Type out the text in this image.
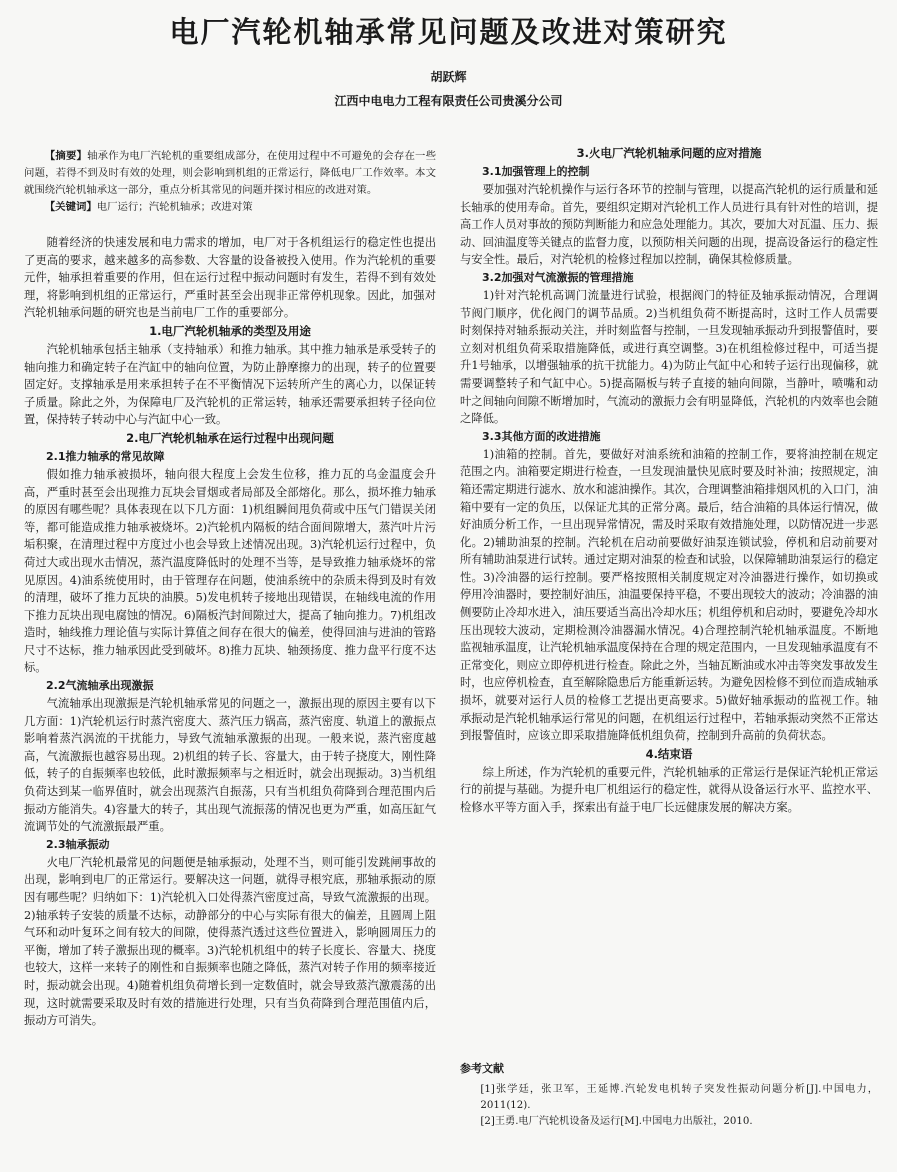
电厂汽轮机轴承常见问题及改进对策研究
胡跃辉
江西中电电力工程有限责任公司贵溪分公司

【摘要】轴承作为电厂汽轮机的重要组成部分，在使用过程中不可避免的会存在一些问题，若得不到及时有效的处理，则会影响到机组的正常运行，降低电厂工作效率。本文就围绕汽轮机轴承这一部分，重点分析其常见的问题并探讨相应的改进对策。

【关键词】电厂运行；汽轮机轴承；改进对策

随着经济的快速发展和电力需求的增加，电厂对于各机组运行的稳定性也提出了更高的要求，越来越多的高参数、大容量的设备被投入使用。作为汽轮机的重要元件，轴承担着重要的作用，但在运行过程中振动问题时有发生，若得不到有效处理，将影响到机组的正常运行，严重时甚至会出现非正常停机现象。因此，加强对汽轮机轴承问题的研究也是当前电厂工作的重要部分。

1.电厂汽轮机轴承的类型及用途

汽轮机轴承包括主轴承（支持轴承）和推力轴承。其中推力轴承是承受转子的轴向推力和确定转子在汽缸中的轴向位置，为防止静摩擦力的出现，转子的位置要固定好。支撑轴承是用来承担转子在不平衡情况下运转所产生的离心力，以保证转子质量。除此之外，为保障电厂及汽轮机的正常运转，轴承还需要承担转子径向位置，保持转子转动中心与汽缸中心一致。

2.电厂汽轮机轴承在运行过程中出现问题
2.1推力轴承的常见故障

假如推力轴承被损坏，轴向很大程度上会发生位移，推力瓦的乌金温度会升高，严重时甚至会出现推力瓦块会冒烟或者局部及全部熔化。那么，损坏推力轴承的原因有哪些呢？具体表现在以下几方面：1)机组瞬间甩负荷或中压气门错误关闭等，都可能造成推力轴承被烧坏。2)汽轮机内隔板的结合面间隙增大，蒸汽叶片污垢积聚，在清理过程中方度过小也会导致上述情况出现。3)汽轮机运行过程中，负荷过大或出现水击情况，蒸汽温度降低时的处理不当等，是导致推力轴承烧坏的常见原因。4)油系统使用时，由于管理存在问题，使油系统中的杂质未得到及时有效的清理，破坏了推力瓦块的油膜。5)发电机转子接地出现错误，在轴线电流的作用下推力瓦块出现电腐蚀的情况。6)隔板汽封间隙过大，提高了轴向推力。7)机组改造时，轴线推力理论值与实际计算值之间存在很大的偏差，使得回油与进油的管路尺寸不达标，推力轴承因此受到破坏。8)推力瓦块、轴颈扬度、推力盘平行度不达标。

2.2气流轴承出现激振

气流轴承出现激振是汽轮机轴承常见的问题之一，激振出现的原因主要有以下几方面：1)汽轮机运行时蒸汽密度大、蒸汽压力锅高，蒸汽密度、轨道上的激振点影响着蒸汽涡流的干扰能力，导致气流轴承激振的出现。一般来说，蒸汽密度越高，气流激振也越容易出现。2)机组的转子长、容量大，由于转子挠度大，刚性降低，转子的自振频率也较低，此时激振频率与之相近时，就会出现振动。3)当机组负荷达到某一临界值时，就会出现蒸汽自振荡，只有当机组负荷降到合理范围内后振动方能消失。4)容量大的转子，其出现气流振荡的情况也更为严重，如高压缸气流调节处的气流激振最严重。

2.3轴承振动

火电厂汽轮机最常见的问题便是轴承振动，处理不当，则可能引发跳闸事故的出现，影响到电厂的正常运行。要解决这一问题，就得寻根究底，那轴承振动的原因有哪些呢？归纳如下：1)汽轮机入口处得蒸汽密度过高，导致气流激振的出现。2)轴承转子安装的质量不达标，动静部分的中心与实际有很大的偏差，且圆周上阻气环和动叶复环之间有较大的间隙，使得蒸汽透过这些位置进入，影响圆周压力的平衡，增加了转子激振出现的概率。3)汽轮机机组中的转子长度长、容量大、挠度也较大，这样一来转子的刚性和自振频率也随之降低，蒸汽对转子作用的频率接近时，振动就会出现。4)随着机组负荷增长到一定数值时，就会导致蒸汽激震荡的出现，这时就需要采取及时有效的措施进行处理，只有当负荷降到合理范围值内后，振动方可消失。

3.火电厂汽轮机轴承问题的应对措施
3.1加强管理上的控制

要加强对汽轮机操作与运行各环节的控制与管理，以提高汽轮机的运行质量和延长轴承的使用寿命。首先，要组织定期对汽轮机工作人员进行具有针对性的培训，提高工作人员对事故的预防判断能力和应急处理能力。其次，要加大对瓦温、压力、振动、回油温度等关键点的监督力度，以预防相关问题的出现，提高设备运行的稳定性与安全性。最后，对汽轮机的检修过程加以控制，确保其检修质量。

3.2加强对气流激振的管理措施

1)针对汽轮机高调门流量进行试验，根据阀门的特征及轴承振动情况，合理调节阀门顺序，优化阀门的调节品质。2)当机组负荷不断提高时，这时工作人员需要时刻保持对轴系振动关注，并时刻监督与控制，一旦发现轴承振动升到报警值时，要立刻对机组负荷采取措施降低，或进行真空调整。3)在机组检修过程中，可适当提升1号轴承，以增强轴承的抗干扰能力。4)为防止气缸中心和转子运行出现偏移，就需要调整转子和气缸中心。5)提高隔板与转子直接的轴向间隙，当静叶，喷嘴和动叶之间轴向间隙不断增加时，气流动的激振力会有明显降低，汽轮机的内效率也会随之降低。

3.3其他方面的改进措施

1)油箱的控制。首先，要做好对油系统和油箱的控制工作，要将油控制在规定范围之内。油箱要定期进行检查，一旦发现油量快见底时要及时补油；按照规定，油箱还需定期进行滤水、放水和滤油操作。其次，合理调整油箱排烟风机的入口门，油箱中要有一定的负压，以保证尤其的正常分离。最后，结合油箱的具体运行情况，做好油质分析工作，一旦出现异常情况，需及时采取有效措施处理，以防情况进一步恶化。2)辅助油泵的控制。汽轮机在启动前要做好油泵连锁试验，停机和启动前要对所有辅助油泵进行试转。通过定期对油泵的检查和试验，以保障辅助油泵运行的稳定性。3)冷油器的运行控制。要严格按照相关制度规定对冷油器进行操作，如切换或停用冷油器时，要控制好油压，油温要保持平稳，不要出现较大的波动；冷油器的油侧要防止冷却水进入，油压要适当高出冷却水压；机组停机和启动时，要避免冷却水压出现较大波动，定期检测冷油器漏水情况。4)合理控制汽轮机轴承温度。不断地监视轴承温度，让汽轮机轴承温度保持在合理的规定范围内，一旦发现轴承温度有不正常变化，则应立即停机进行检查。除此之外，当轴瓦断油或水冲击等突发事故发生时，也应停机检查，直至解除隐患后方能重新运转。为避免因检修不到位而造成轴承损坏，就要对运行人员的检修工艺提出更高要求。5)做好轴承振动的监视工作。轴承振动是汽轮机轴承运行常见的问题，在机组运行过程中，若轴承振动突然不正常达到报警值时，应该立即采取措施降低机组负荷，控制到升高前的负荷状态。

4.结束语

综上所述，作为汽轮机的重要元件，汽轮机轴承的正常运行是保证汽轮机正常运行的前提与基础。为提升电厂机组运行的稳定性，就得从设备运行水平、监控水平、检修水平等方面入手，探索出有益于电厂长远健康发展的解决方案。

参考文献

[1]张学廷，张卫军，王延博.汽轮发电机转子突发性振动问题分析[J].中国电力，2011(12).

[2]王勇.电厂汽轮机设备及运行[M].中国电力出版社，2010.
